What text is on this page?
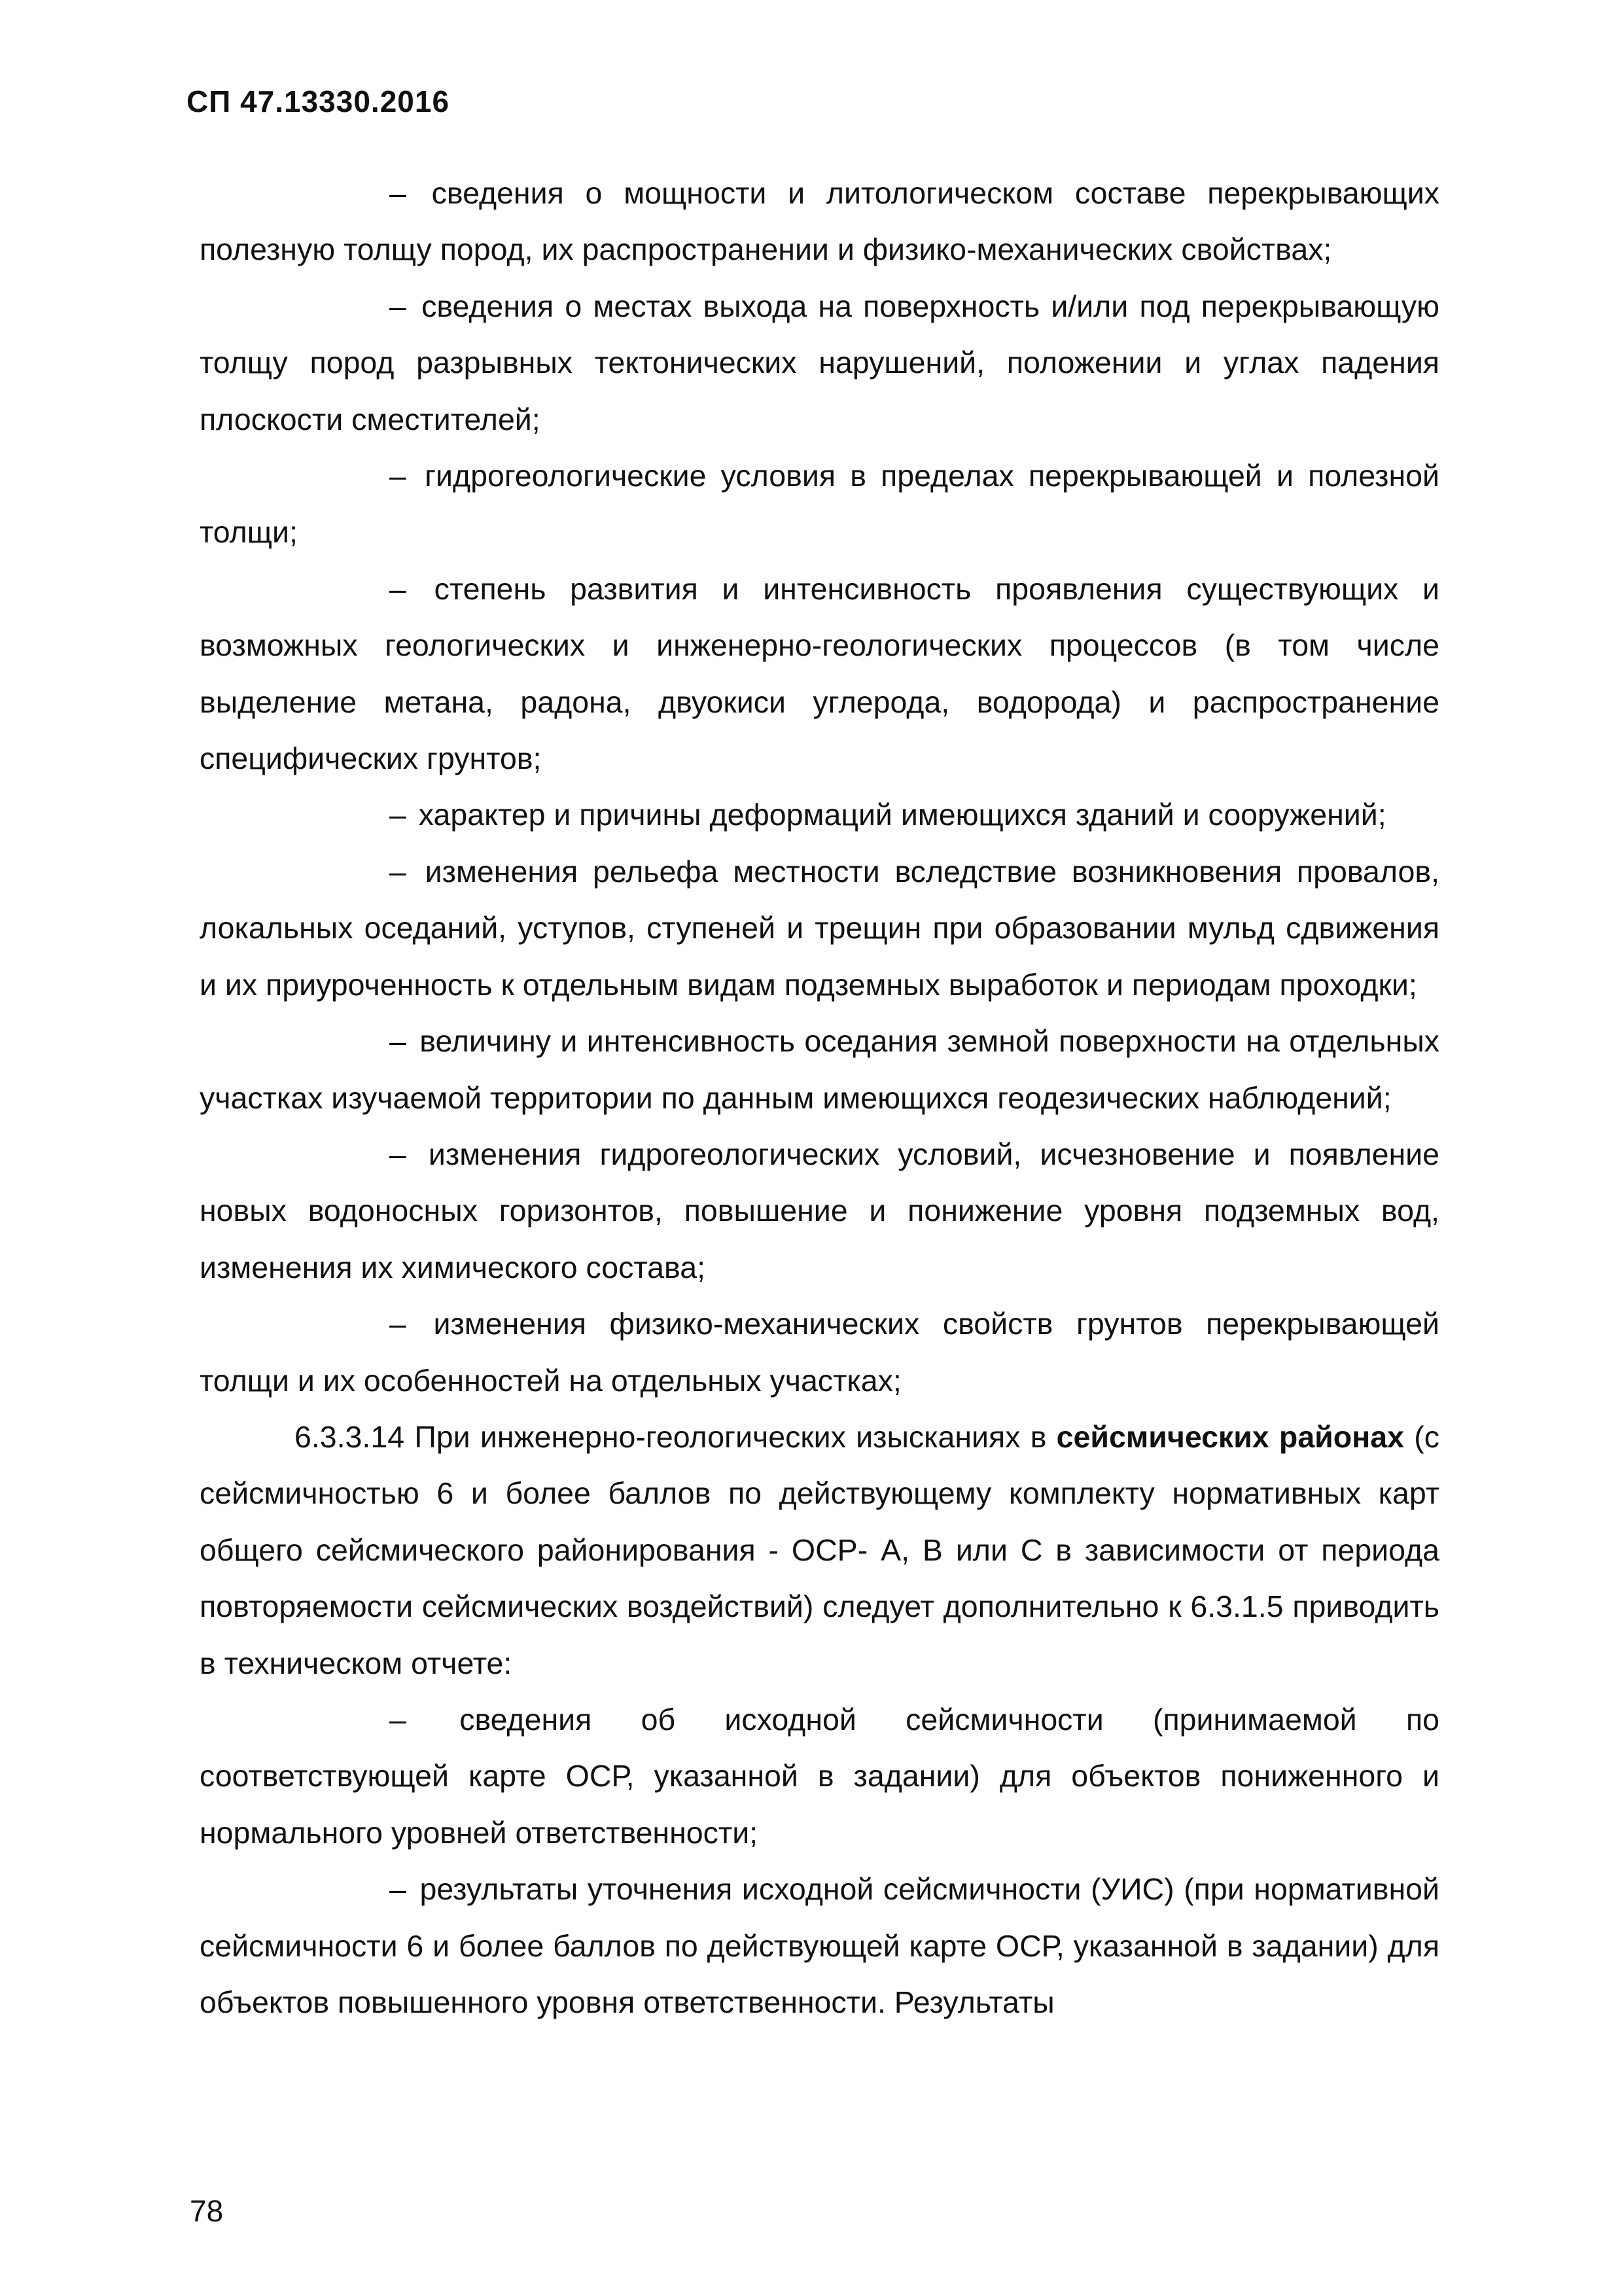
СП 47.13330.2016

– сведения о мощности и литологическом составе перекрывающих полезную толщу пород, их распространении и физико-механических свойствах;

– сведения о местах выхода на поверхность и/или под перекрывающую толщу пород разрывных тектонических нарушений, положении и углах падения плоскости сместителей;

– гидрогеологические условия в пределах перекрывающей и полезной толщи;

– степень развития и интенсивность проявления существующих и возможных геологических и инженерно-геологических процессов (в том числе выделение метана, радона, двуокиси углерода, водорода) и распространение специфических грунтов;

– характер и причины деформаций имеющихся зданий и сооружений;

– изменения рельефа местности вследствие возникновения провалов, локальных оседаний, уступов, ступеней и трещин при образовании мульд сдвижения и их приуроченность к отдельным видам подземных выработок и периодам проходки;

– величину и интенсивность оседания земной поверхности на отдельных участках изучаемой территории по данным имеющихся геодезических наблюдений;

– изменения гидрогеологических условий, исчезновение и появление новых водоносных горизонтов, повышение и понижение уровня подземных вод, изменения их химического состава;

– изменения физико-механических свойств грунтов перекрывающей толщи и их особенностей на отдельных участках;

6.3.3.14 При инженерно-геологических изысканиях в сейсмических районах (с сейсмичностью 6 и более баллов по действующему комплекту нормативных карт общего сейсмического районирования - ОСР- А, В или С в зависимости от периода повторяемости сейсмических воздействий) следует дополнительно к 6.3.1.5 приводить в техническом отчете:

– сведения об исходной сейсмичности (принимаемой по соответствующей карте ОСР, указанной в задании) для объектов пониженного и нормального уровней ответственности;

– результаты уточнения исходной сейсмичности (УИС) (при нормативной сейсмичности 6 и более баллов по действующей карте ОСР, указанной в задании) для объектов повышенного уровня ответственности. Результаты

78
